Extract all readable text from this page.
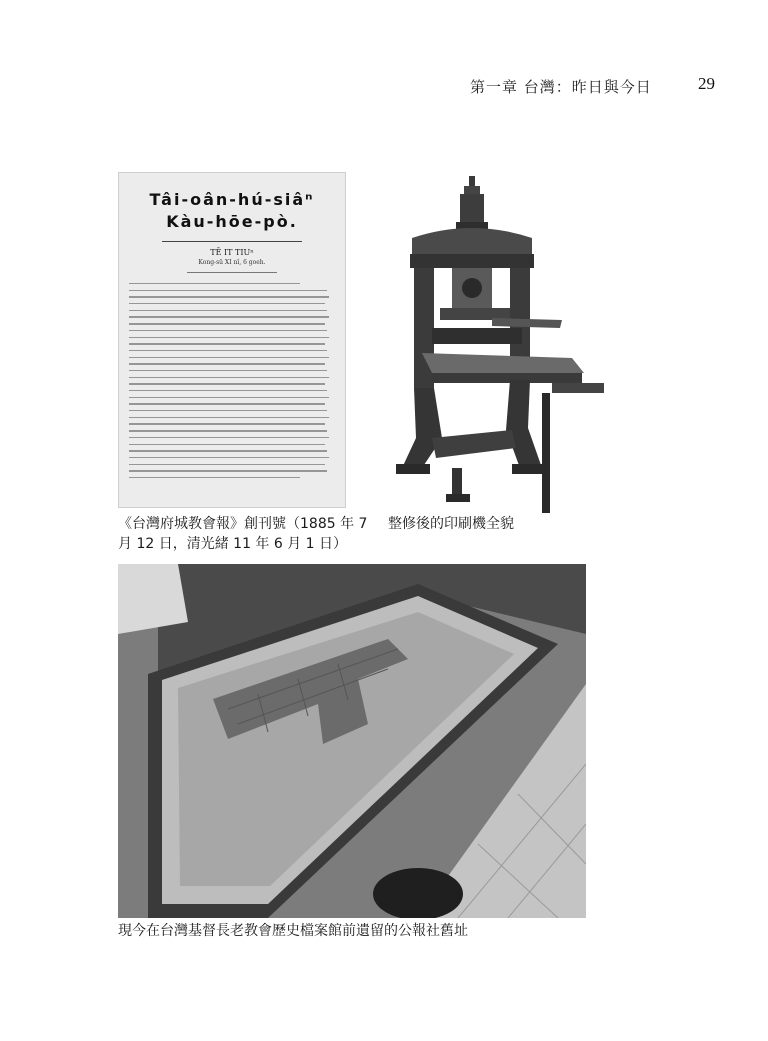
第一章 台灣：昨日與今日	29
Tâi-oân-hú-siâⁿ
Kàu-hōe-pò.
TĒ IT TIUⁿ
Kong-sū XI nî, 6 goeh.
《台灣府城教會報》創刊號（1885 年 7 月 12 日，清光緒 11 年 6 月 1 日）
整修後的印刷機全貌
現今在台灣基督長老教會歷史檔案館前遺留的公報社舊址
